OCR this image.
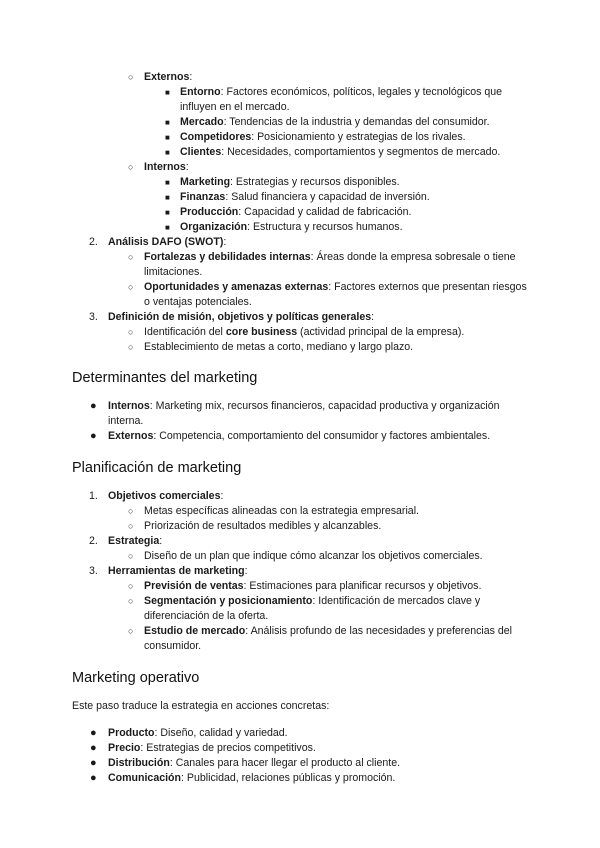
○ Externos:
■ Entorno: Factores económicos, políticos, legales y tecnológicos que influyen en el mercado.
■ Mercado: Tendencias de la industria y demandas del consumidor.
■ Competidores: Posicionamiento y estrategias de los rivales.
■ Clientes: Necesidades, comportamientos y segmentos de mercado.
○ Internos:
■ Marketing: Estrategias y recursos disponibles.
■ Finanzas: Salud financiera y capacidad de inversión.
■ Producción: Capacidad y calidad de fabricación.
■ Organización: Estructura y recursos humanos.
2. Análisis DAFO (SWOT):
○ Fortalezas y debilidades internas: Áreas donde la empresa sobresale o tiene limitaciones.
○ Oportunidades y amenazas externas: Factores externos que presentan riesgos o ventajas potenciales.
3. Definición de misión, objetivos y políticas generales:
○ Identificación del core business (actividad principal de la empresa).
○ Establecimiento de metas a corto, mediano y largo plazo.
Determinantes del marketing
● Internos: Marketing mix, recursos financieros, capacidad productiva y organización interna.
● Externos: Competencia, comportamiento del consumidor y factores ambientales.
Planificación de marketing
1. Objetivos comerciales:
○ Metas específicas alineadas con la estrategia empresarial.
○ Priorización de resultados medibles y alcanzables.
2. Estrategia:
○ Diseño de un plan que indique cómo alcanzar los objetivos comerciales.
3. Herramientas de marketing:
○ Previsión de ventas: Estimaciones para planificar recursos y objetivos.
○ Segmentación y posicionamiento: Identificación de mercados clave y diferenciación de la oferta.
○ Estudio de mercado: Análisis profundo de las necesidades y preferencias del consumidor.
Marketing operativo

Este paso traduce la estrategia en acciones concretas:

● Producto: Diseño, calidad y variedad.
● Precio: Estrategias de precios competitivos.
● Distribución: Canales para hacer llegar el producto al cliente.
● Comunicación: Publicidad, relaciones públicas y promoción.
